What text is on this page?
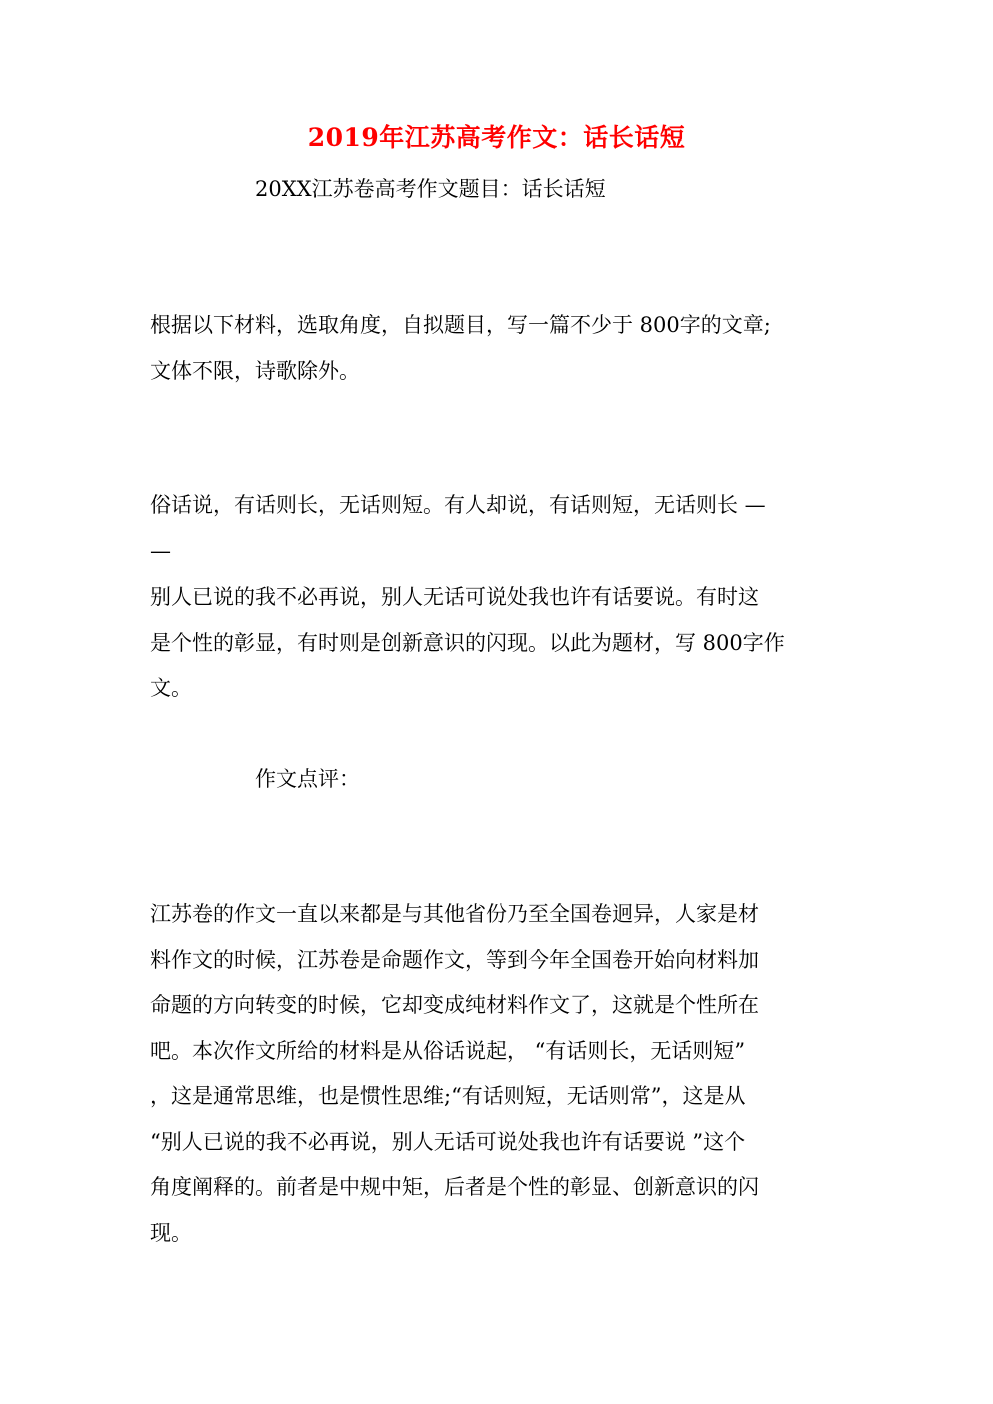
2019年江苏高考作文：话长话短
20XX江苏卷高考作文题目：话长话短
根据以下材料，选取角度，自拟题目，写一篇不少于 800字的文章;
文体不限，诗歌除外。
俗话说，有话则长，无话则短。有人却说，有话则短，无话则长 —
—
别人已说的我不必再说，别人无话可说处我也许有话要说。有时这
是个性的彰显，有时则是创新意识的闪现。以此为题材，写 800字作
文。
作文点评：
江苏卷的作文一直以来都是与其他省份乃至全国卷迥异，人家是材
料作文的时候，江苏卷是命题作文，等到今年全国卷开始向材料加
命题的方向转变的时候，它却变成纯材料作文了，这就是个性所在
吧。本次作文所给的材料是从俗话说起， “有话则长，无话则短”
，这是通常思维，也是惯性思维;“有话则短，无话则常”，这是从
“别人已说的我不必再说，别人无话可说处我也许有话要说 ”这个
角度阐释的。前者是中规中矩，后者是个性的彰显、创新意识的闪
现。
